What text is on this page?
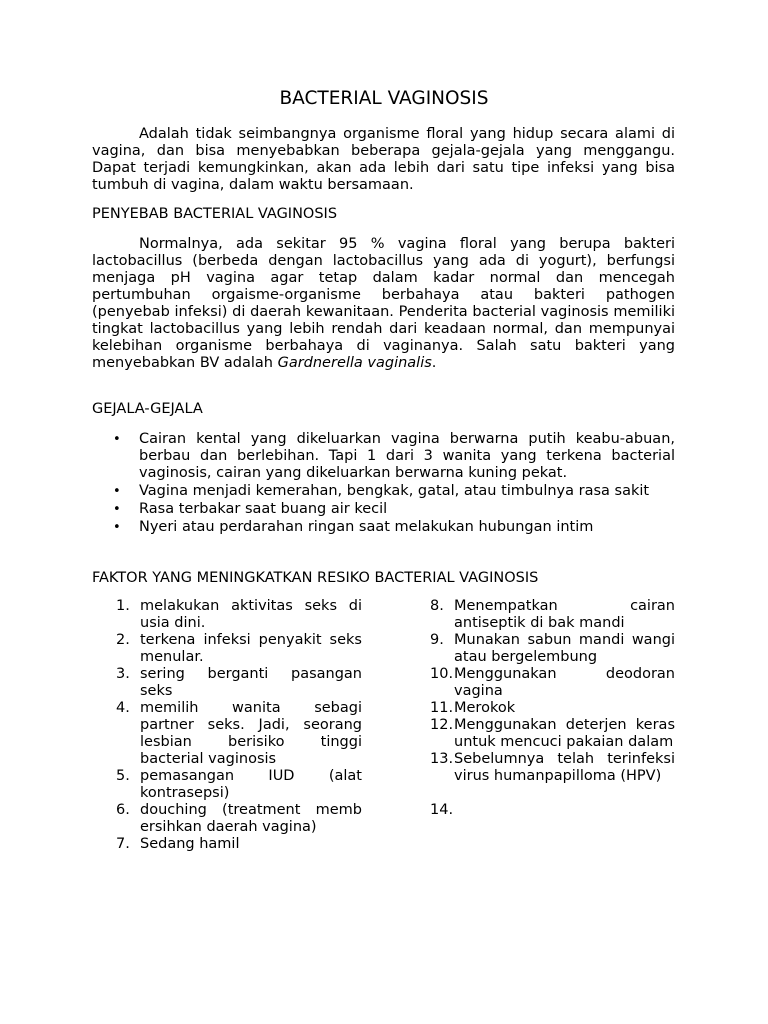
BACTERIAL VAGINOSIS

Adalah tidak seimbangnya organisme floral yang hidup secara alami di vagina, dan bisa menyebabkan beberapa gejala-gejala yang menggangu. Dapat terjadi kemungkinkan, akan ada lebih dari satu tipe infeksi yang bisa tumbuh di vagina, dalam waktu bersamaan.

PENYEBAB BACTERIAL VAGINOSIS

Normalnya, ada sekitar 95 % vagina floral yang berupa bakteri lactobacillus (berbeda dengan lactobacillus yang ada di yogurt), berfungsi menjaga pH vagina agar tetap dalam kadar normal dan mencegah pertumbuhan orgaisme-organisme berbahaya atau bakteri pathogen (penyebab infeksi) di daerah kewanitaan. Penderita bacterial vaginosis memiliki tingkat lactobacillus yang lebih rendah dari keadaan normal, dan mempunyai kelebihan organisme berbahaya di vaginanya. Salah satu bakteri yang menyebabkan BV adalah Gardnerella vaginalis.

GEJALA-GEJALA

• Cairan kental yang dikeluarkan vagina berwarna putih keabu-abuan, berbau dan berlebihan. Tapi 1 dari 3 wanita yang terkena bacterial vaginosis, cairan yang dikeluarkan berwarna kuning pekat.
• Vagina menjadi kemerahan, bengkak, gatal, atau timbulnya rasa sakit
• Rasa terbakar saat buang air kecil
• Nyeri atau perdarahan ringan saat melakukan hubungan intim

FAKTOR YANG MENINGKATKAN RESIKO BACTERIAL VAGINOSIS

1. melakukan aktivitas seks di usia dini.
2. terkena infeksi penyakit seks menular.
3. sering berganti pasangan seks
4. memilih wanita sebagi partner seks. Jadi, seorang lesbian berisiko tinggi bacterial vaginosis
5. pemasangan IUD (alat kontrasepsi)
6. douching (treatment memb ersihkan daerah vagina)
7. Sedang hamil
8. Menempatkan cairan antiseptik di bak mandi
9. Munakan sabun mandi wangi atau bergelembung
10. Menggunakan deodoran vagina
11. Merokok
12. Menggunakan deterjen keras untuk mencuci pakaian dalam
13. Sebelumnya telah terinfeksi virus humanpapilloma (HPV)
14.
